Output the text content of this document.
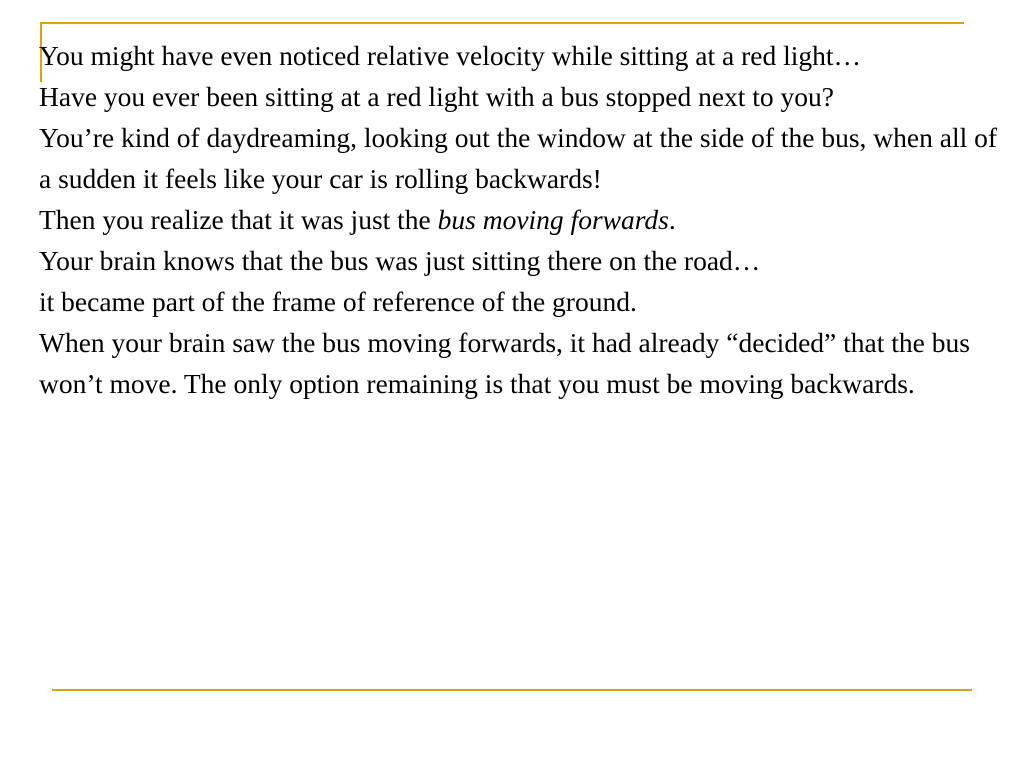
You might have even noticed relative velocity while sitting at a red light…

Have you ever been sitting at a red light with a bus stopped next to you?

You’re kind of daydreaming, looking out the window at the side of the bus, when all of a sudden it feels like your car is rolling backwards!

Then you realize that it was just the bus moving forwards.

Your brain knows that the bus was just sitting there on the road…

it became part of the frame of reference of the ground.

When your brain saw the bus moving forwards, it had already “decided” that the bus won’t move. The only option remaining is that you must be moving backwards.
